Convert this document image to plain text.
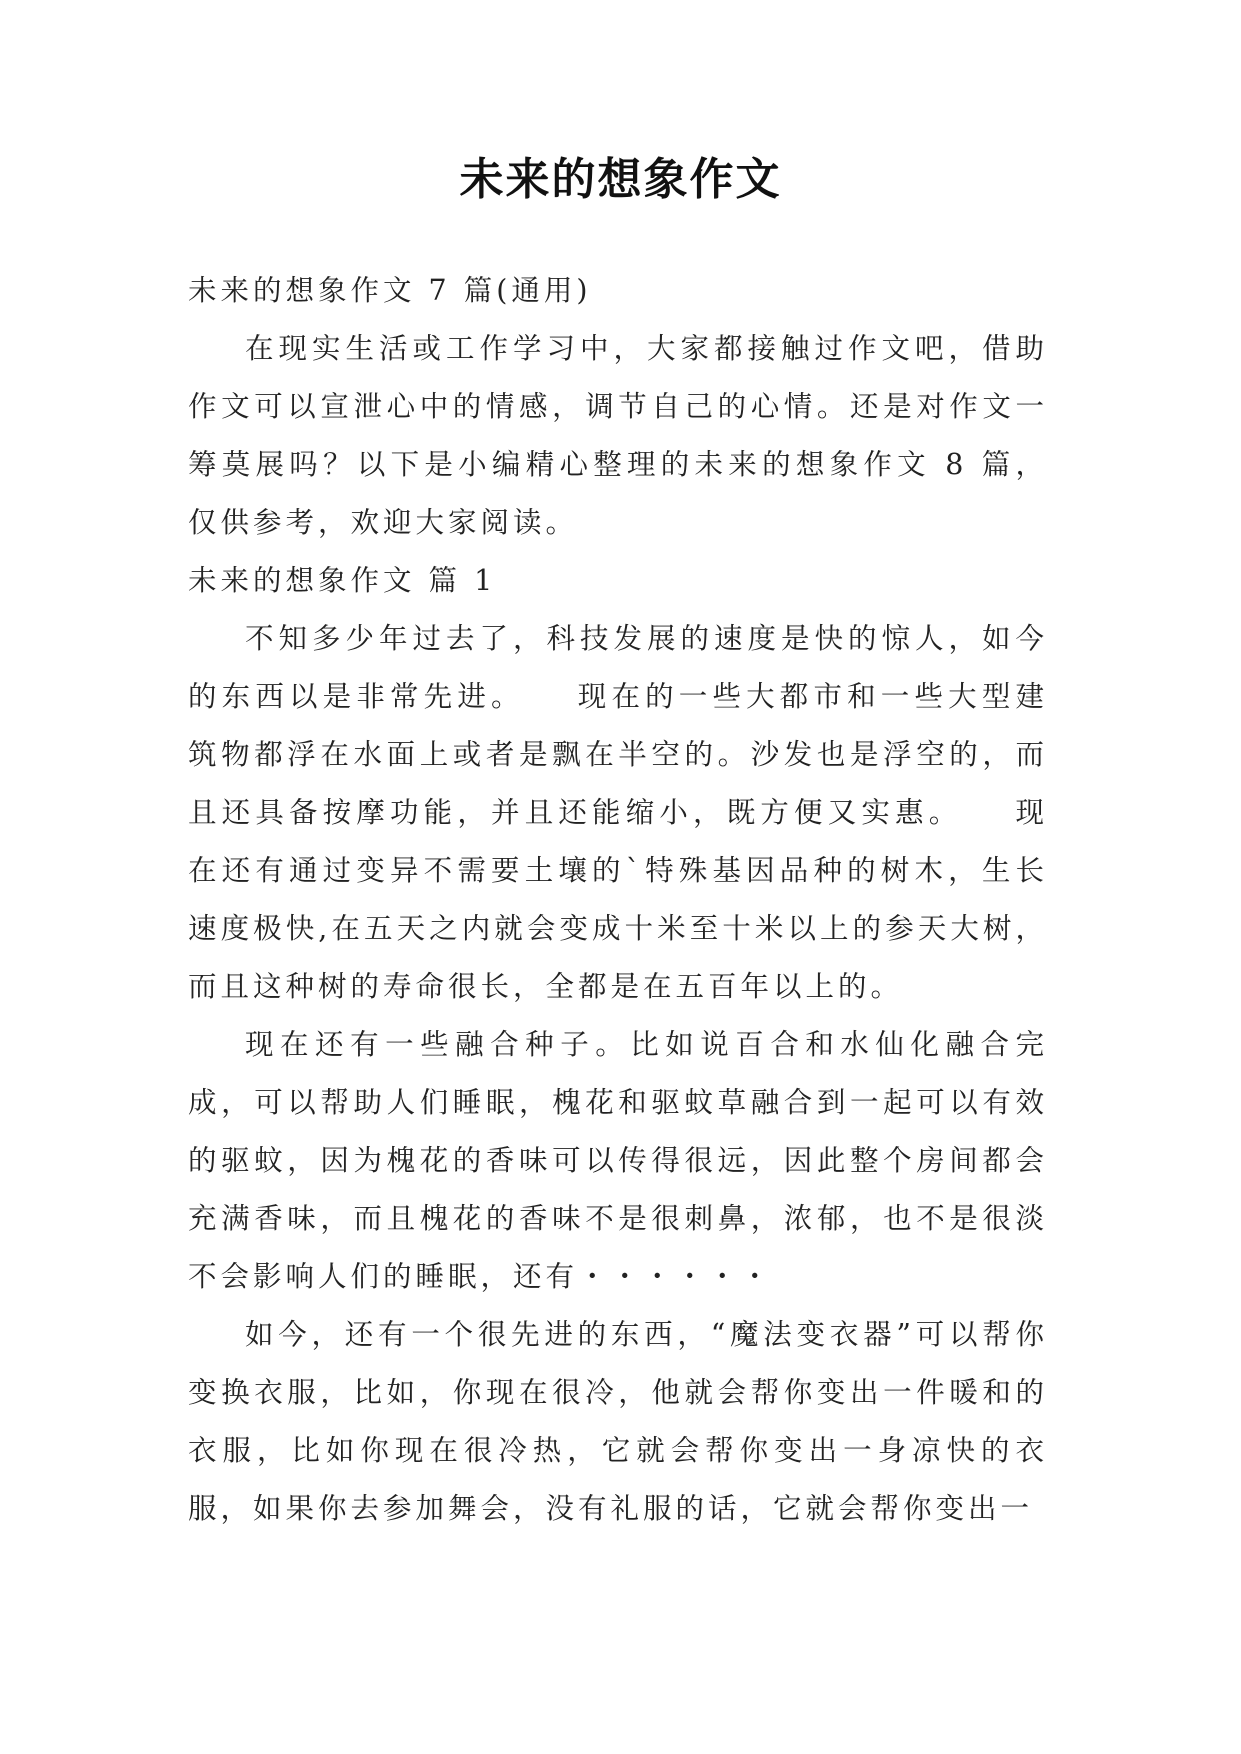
未来的想象作文

未来的想象作文 7 篇(通用)

在现实生活或工作学习中，大家都接触过作文吧，借助作文可以宣泄心中的情感，调节自己的心情。还是对作文一筹莫展吗？以下是小编精心整理的未来的想象作文 8 篇，仅供参考，欢迎大家阅读。

未来的想象作文 篇 1

不知多少年过去了，科技发展的速度是快的惊人，如今的东西以是非常先进。　　现在的一些大都市和一些大型建筑物都浮在水面上或者是飘在半空的。沙发也是浮空的，而且还具备按摩功能，并且还能缩小，既方便又实惠。　　现在还有通过变异不需要土壤的`特殊基因品种的树木，生长速度极快,在五天之内就会变成十米至十米以上的参天大树，而且这种树的寿命很长，全都是在五百年以上的。

现在还有一些融合种子。比如说百合和水仙化融合完成，可以帮助人们睡眠，槐花和驱蚊草融合到一起可以有效的驱蚊，因为槐花的香味可以传得很远，因此整个房间都会充满香味，而且槐花的香味不是很刺鼻，浓郁，也不是很淡不会影响人们的睡眠，还有・・・・・・

如今，还有一个很先进的东西，“魔法变衣器”可以帮你变换衣服，比如，你现在很冷，他就会帮你变出一件暖和的衣服，比如你现在很冷热，它就会帮你变出一身凉快的衣服，如果你去参加舞会，没有礼服的话，它就会帮你变出一
